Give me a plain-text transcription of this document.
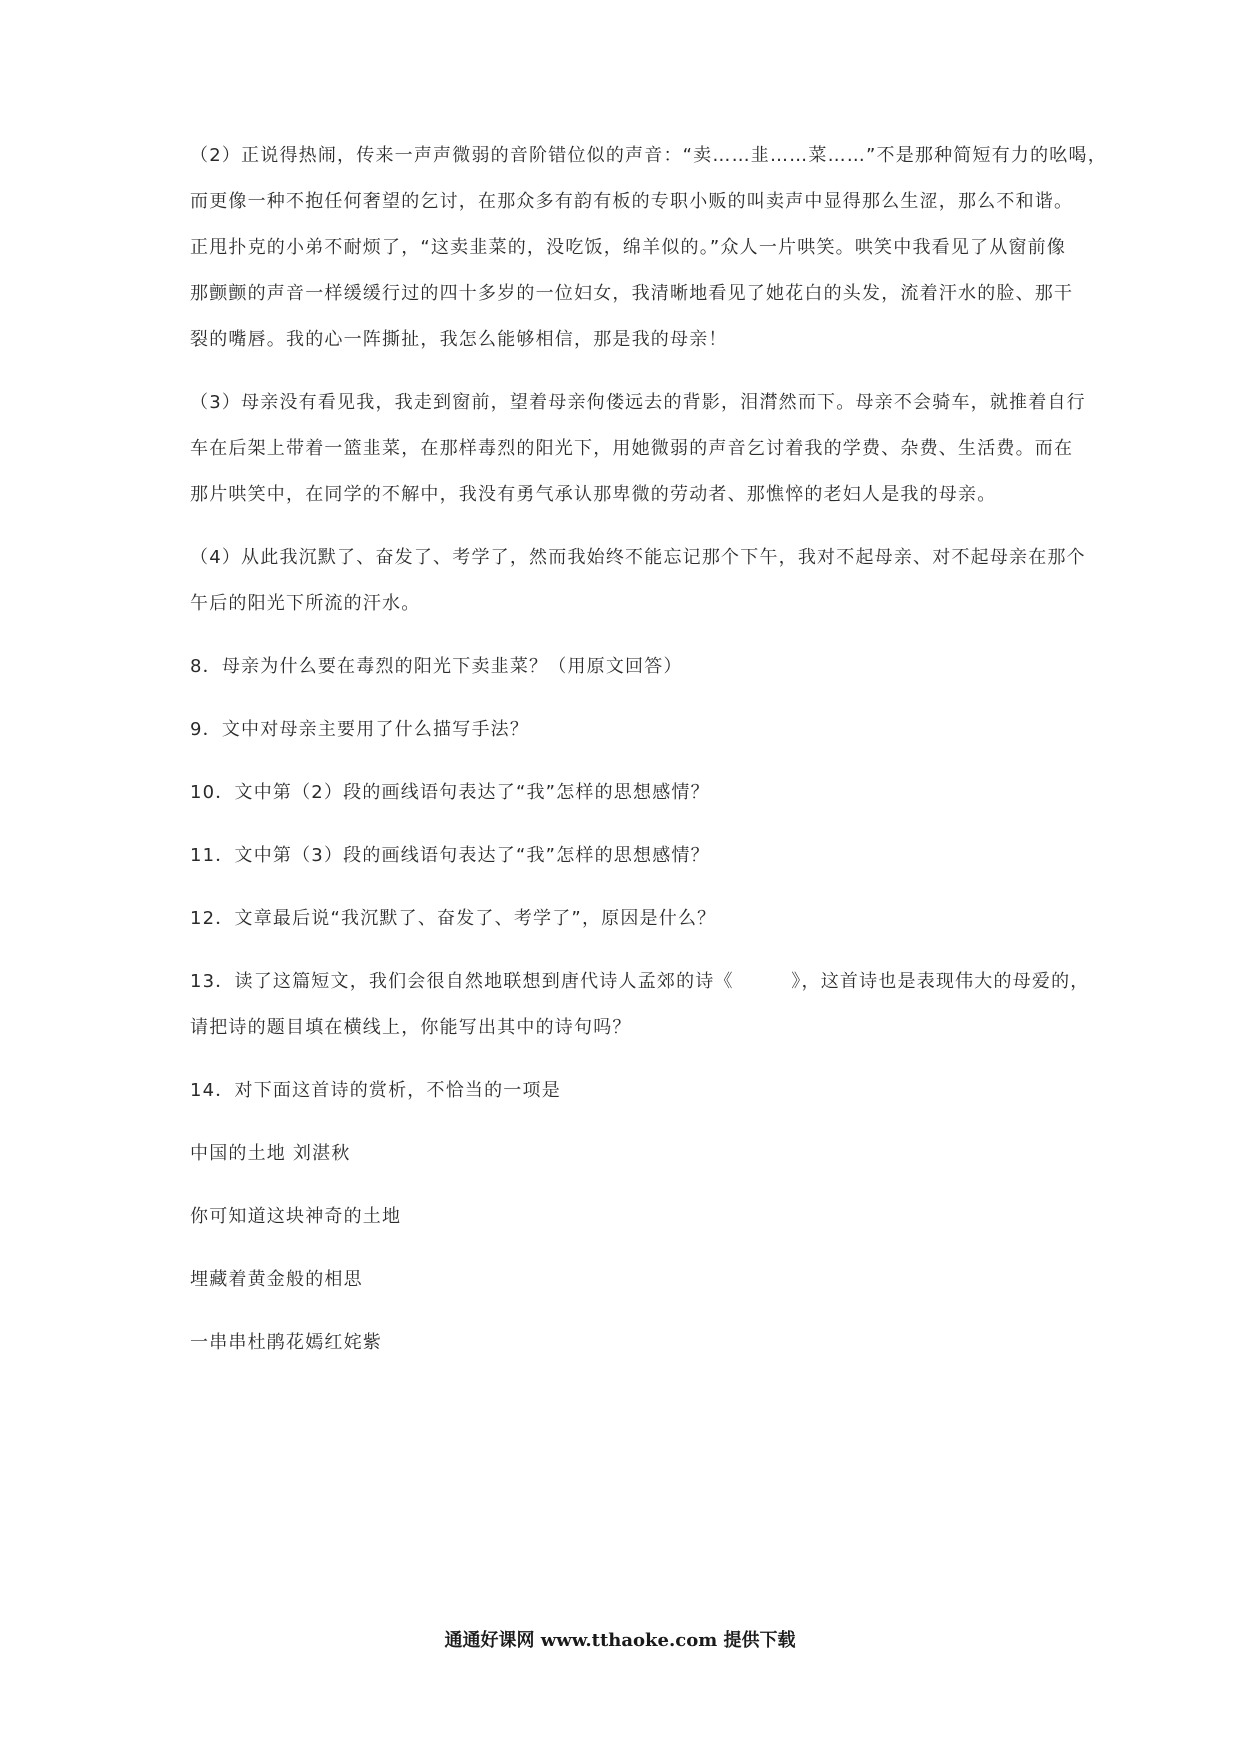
（2）正说得热闹，传来一声声微弱的音阶错位似的声音：“卖……韭……菜……”不是那种简短有力的吆喝，
而更像一种不抱任何奢望的乞讨，在那众多有韵有板的专职小贩的叫卖声中显得那么生涩，那么不和谐。
正甩扑克的小弟不耐烦了，“这卖韭菜的，没吃饭，绵羊似的。”众人一片哄笑。哄笑中我看见了从窗前像
那颤颤的声音一样缓缓行过的四十多岁的一位妇女，我清晰地看见了她花白的头发，流着汗水的脸、那干
裂的嘴唇。我的心一阵撕扯，我怎么能够相信，那是我的母亲！
（3）母亲没有看见我，我走到窗前，望着母亲佝偻远去的背影，泪潸然而下。母亲不会骑车，就推着自行
车在后架上带着一篮韭菜，在那样毒烈的阳光下，用她微弱的声音乞讨着我的学费、杂费、生活费。而在
那片哄笑中，在同学的不解中，我没有勇气承认那卑微的劳动者、那憔悴的老妇人是我的母亲。
（4）从此我沉默了、奋发了、考学了，然而我始终不能忘记那个下午，我对不起母亲、对不起母亲在那个
午后的阳光下所流的汗水。
8．母亲为什么要在毒烈的阳光下卖韭菜？（用原文回答）
9．文中对母亲主要用了什么描写手法？
10．文中第（2）段的画线语句表达了“我”怎样的思想感情？
11．文中第（3）段的画线语句表达了“我”怎样的思想感情？
12．文章最后说“我沉默了、奋发了、考学了”，原因是什么？
13．读了这篇短文，我们会很自然地联想到唐代诗人孟郊的诗《　　　》，这首诗也是表现伟大的母爱的，
请把诗的题目填在横线上，你能写出其中的诗句吗？
14．对下面这首诗的赏析，不恰当的一项是
中国的土地 刘湛秋
你可知道这块神奇的土地
埋藏着黄金般的相思
一串串杜鹃花嫣红姹紫
通通好课网 www.tthaoke.com 提供下载
